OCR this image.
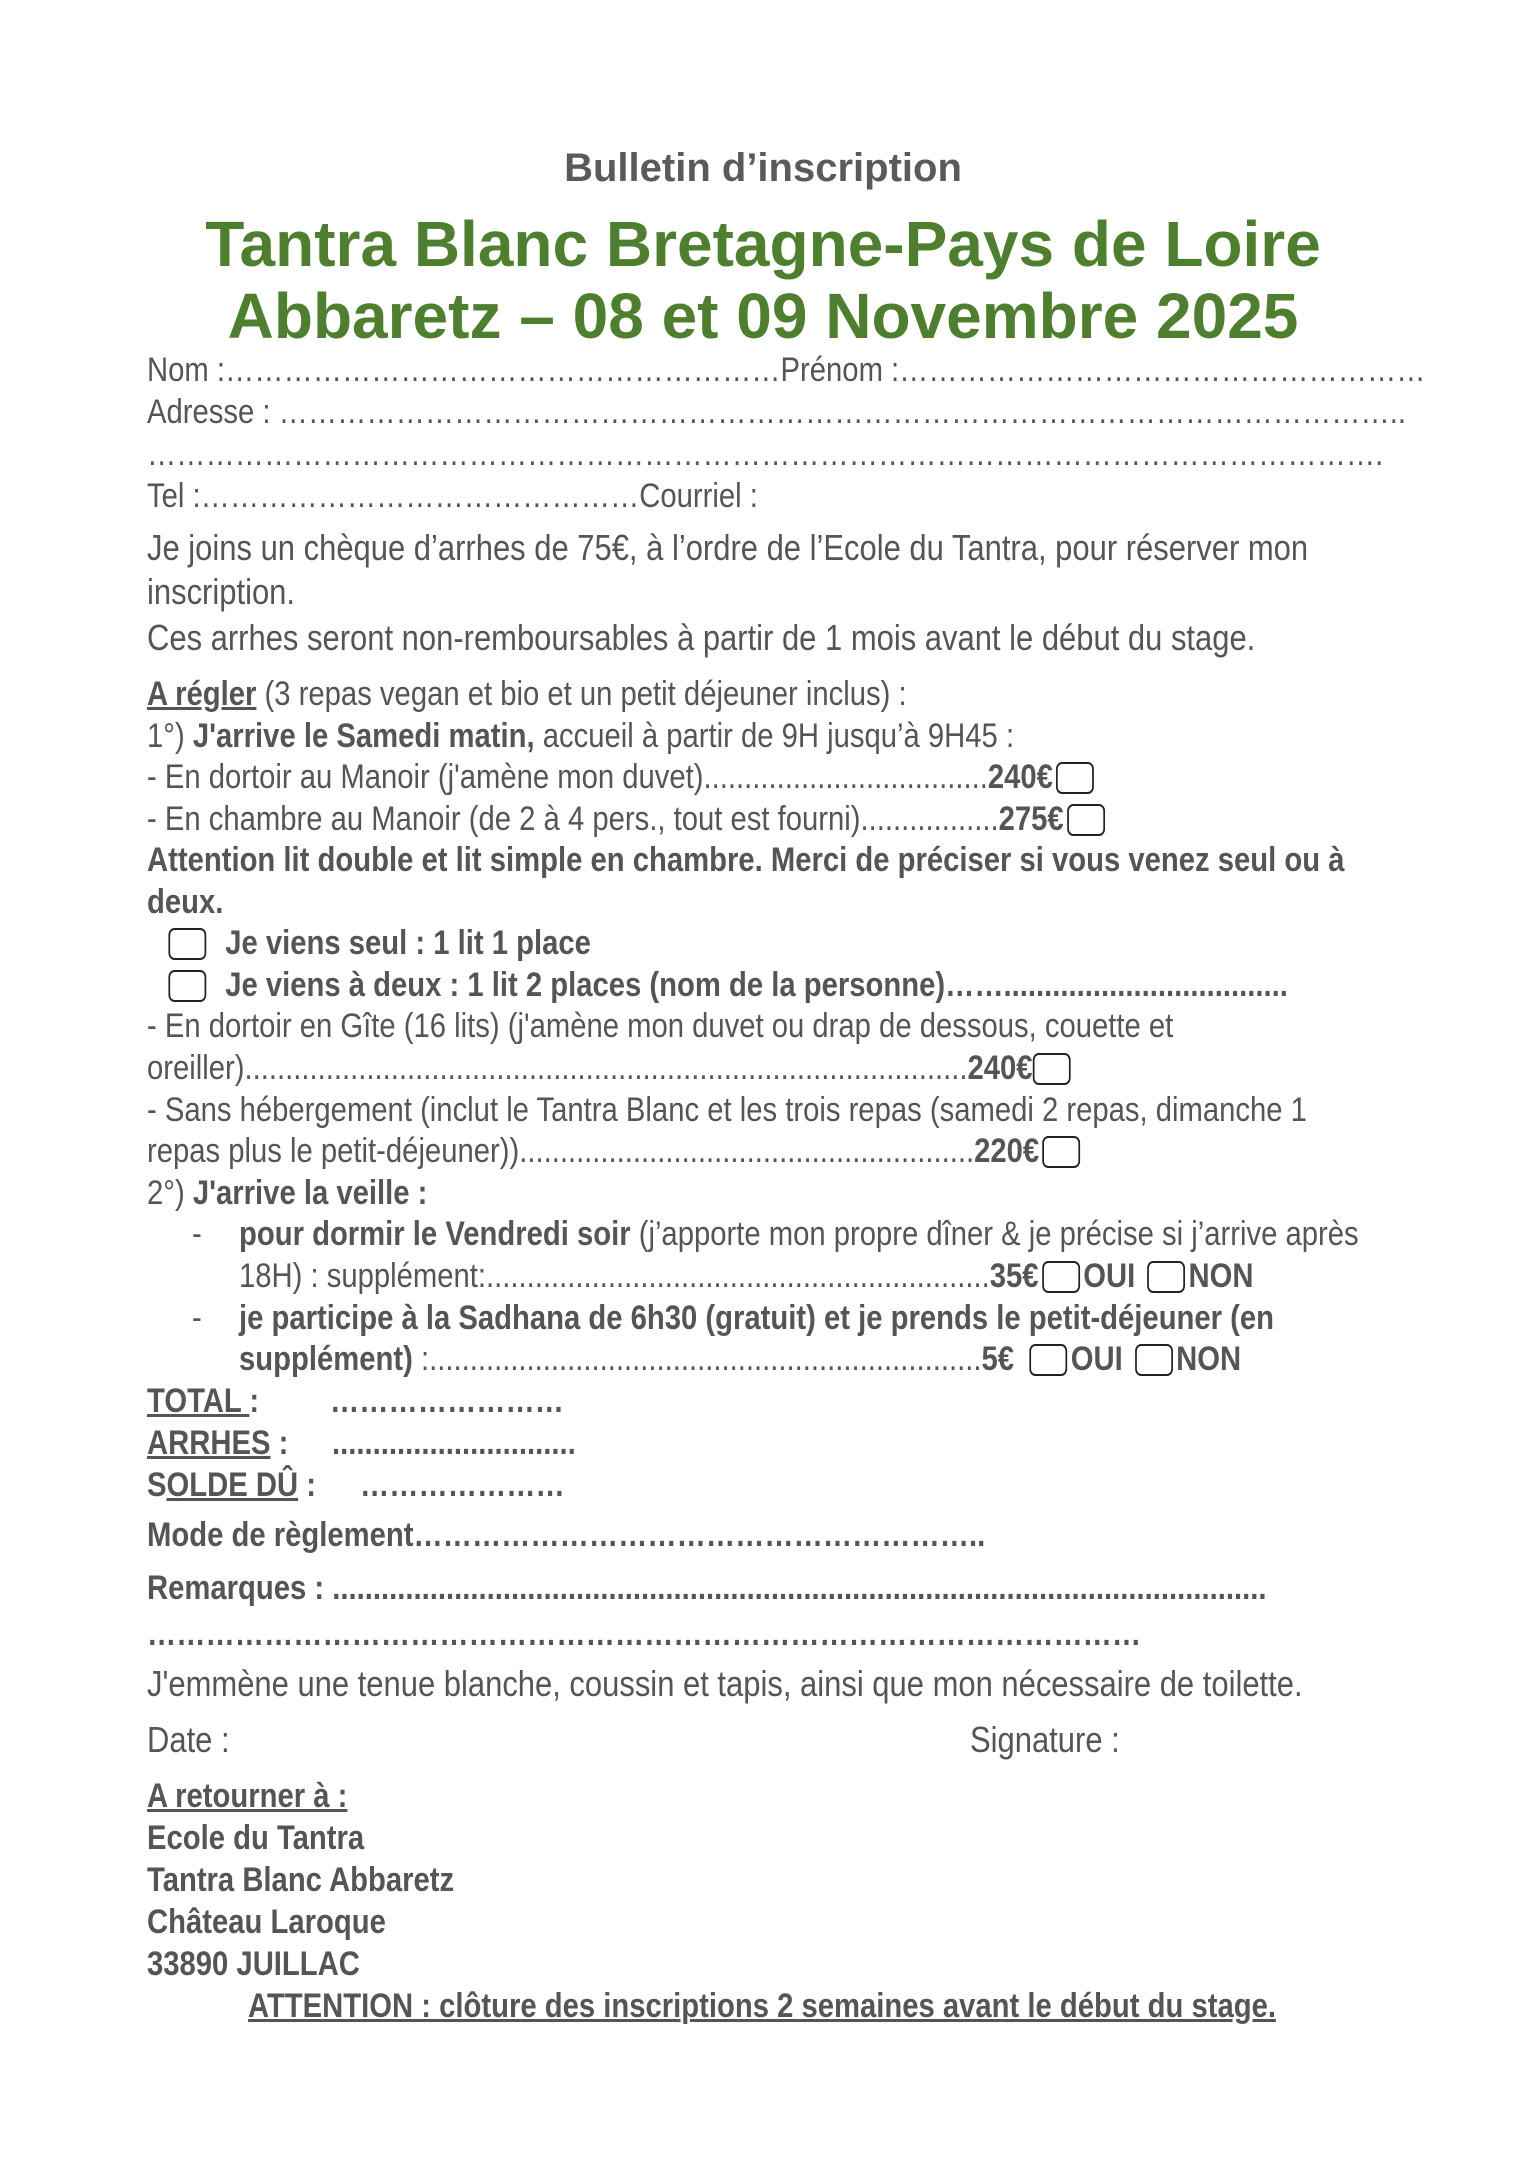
Bulletin d’inscription
Tantra Blanc Bretagne-Pays de Loire
Abbaretz – 08 et 09 Novembre 2025
Nom :…………………………………………………Prénom :………………………………………………
Adresse : ……………………………………………………………………………………………………..
……………………………………………………………………………………………………………….
Tel :………………………………………Courriel :
Je joins un chèque d’arrhes de 75€, à l’ordre de l’Ecole du Tantra, pour réserver mon
inscription.
Ces arrhes seront non-remboursables à partir de 1 mois avant le début du stage.
A régler (3 repas vegan et bio et un petit déjeuner inclus) :
1°) J'arrive le Samedi matin, accueil à partir de 9H jusqu’à 9H45 :
- En dortoir au Manoir (j'amène mon duvet)...................................240€
- En chambre au Manoir (de 2 à 4 pers., tout est fourni).................275€
Attention lit double et lit simple en chambre. Merci de préciser si vous venez seul ou à
deux.
Je viens seul : 1 lit 1 place
Je viens à deux : 1 lit 2 places (nom de la personne)……...................................
- En dortoir en Gîte (16 lits) (j'amène mon duvet ou drap de dessous, couette et
oreiller).........................................................................................240€
- Sans hébergement (inclut le Tantra Blanc et les trois repas (samedi 2 repas, dimanche 1
repas plus le petit-déjeuner))........................................................220€
2°) J'arrive la veille :
- pour dormir le Vendredi soir (j’apporte mon propre dîner & je précise si j’arrive après
18H) : supplément:..............................................................35€ OUI NON
- je participe à la Sadhana de 6h30 (gratuit) et je prends le petit-déjeuner (en
supplément) :....................................................................5€ OUI NON
TOTAL : ……………………
ARRHES : ..............................
SOLDE DÛ : …………………
Mode de règlement…………………………………………………..
Remarques : ...................................................................................................................
…………………………………………………………………………………………
J'emmène une tenue blanche, coussin et tapis, ainsi que mon nécessaire de toilette.
Date :	Signature :
A retourner à :
Ecole du Tantra
Tantra Blanc Abbaretz
Château Laroque
33890 JUILLAC
ATTENTION : clôture des inscriptions 2 semaines avant le début du stage.
